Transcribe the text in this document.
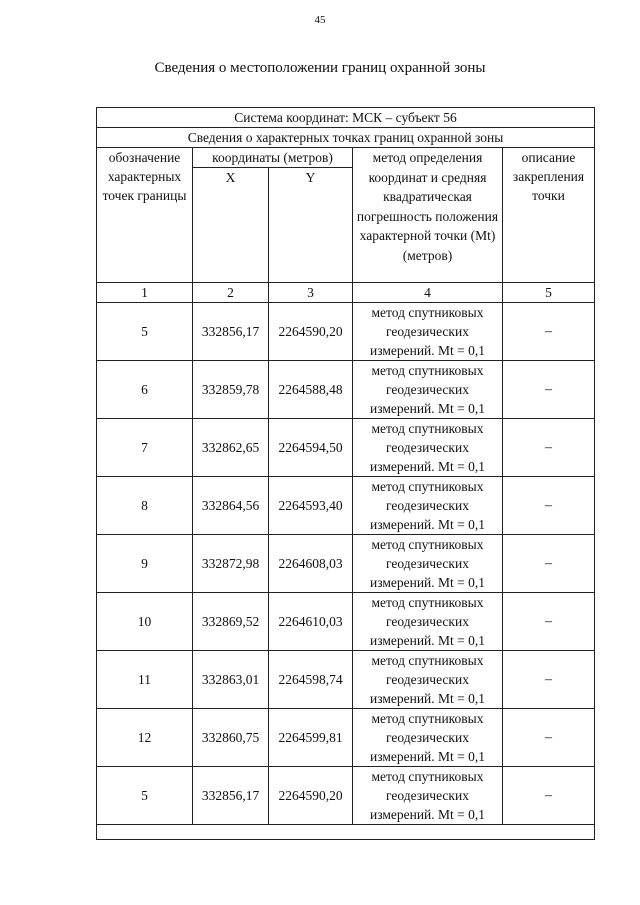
45
Сведения о местоположении границ охранной зоны
Система координат: МСК – субъект 56				
Сведения о характерных точках границ охранной зоны				
обозначение характерных точек границы	координаты (метров)		метод определения координат и средняя квадратическая погрешность положения характерной точки (Mt) (метров)	описание закрепления точки
	X	Y		
1	2	3	4	5
5	332856,17	2264590,20	метод спутниковых геодезических измерений. Mt = 0,1	–
6	332859,78	2264588,48	метод спутниковых геодезических измерений. Mt = 0,1	–
7	332862,65	2264594,50	метод спутниковых геодезических измерений. Mt = 0,1	–
8	332864,56	2264593,40	метод спутниковых геодезических измерений. Mt = 0,1	–
9	332872,98	2264608,03	метод спутниковых геодезических измерений. Mt = 0,1	–
10	332869,52	2264610,03	метод спутниковых геодезических измерений. Mt = 0,1	–
11	332863,01	2264598,74	метод спутниковых геодезических измерений. Mt = 0,1	–
12	332860,75	2264599,81	метод спутниковых геодезических измерений. Mt = 0,1	–
5	332856,17	2264590,20	метод спутниковых геодезических измерений. Mt = 0,1	–
